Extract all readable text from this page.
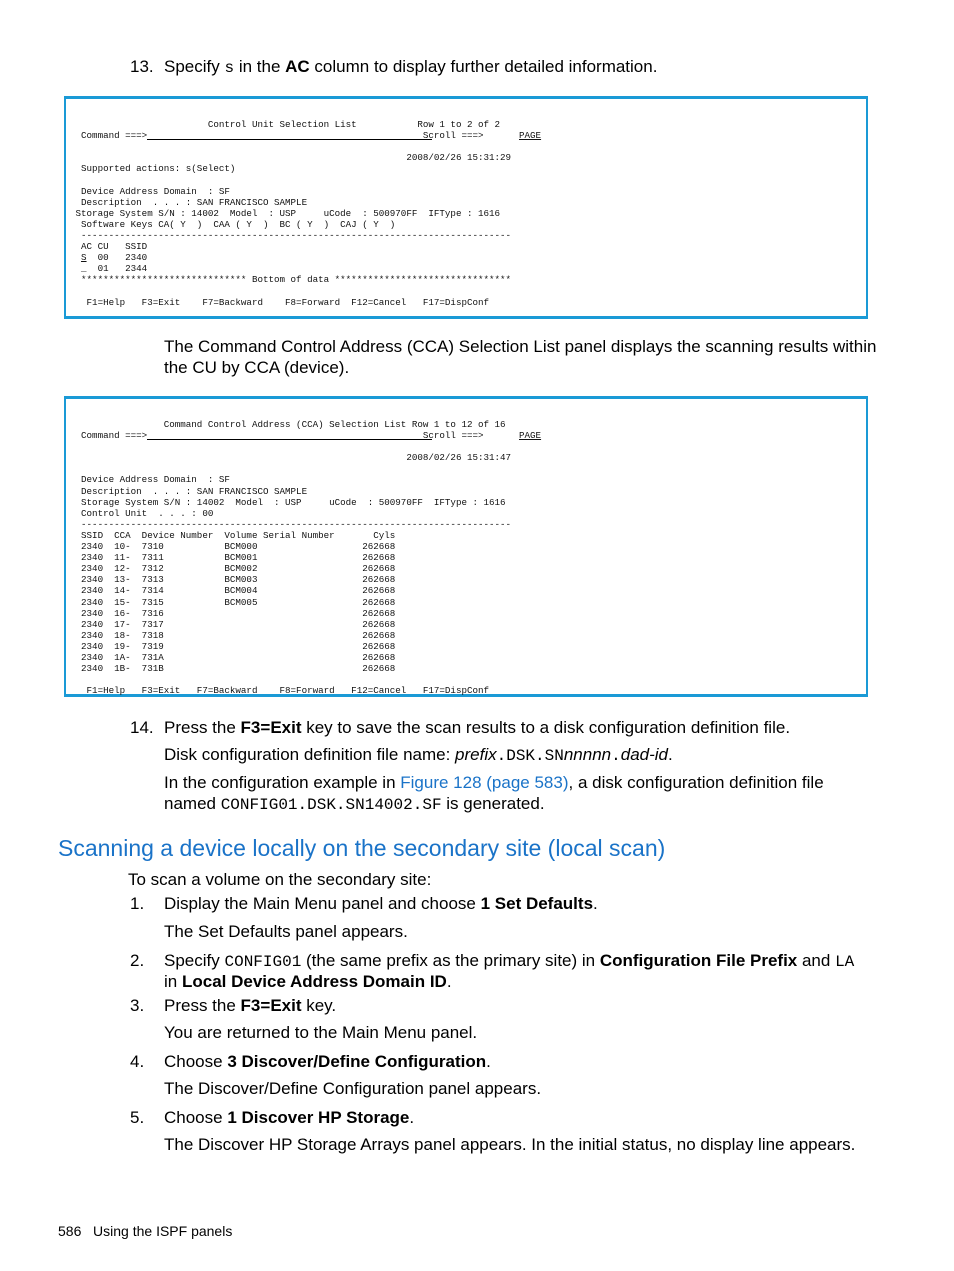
13. Specify s in the AC column to display further detailed information.
Control Unit Selection List           Row 1 to 2 of 2
Command ===>                                                  Scroll ===>

2008/02/26 15:31:29
Supported actions: s(Select)

Device Address Domain  : SF
Description  . . . : SAN FRANCISCO SAMPLE
Storage System S/N : 14002  Model  : USP     uCode  : 500970FF  IFType : 1616
Software Keys CA( Y  )  CAA ( Y  )  BC ( Y  )  CAJ ( Y  )
------------------------------------------------------------------------------
AC CU   SSID

_  01   2344
****************************** Bottom of data ********************************

F1=Help   F3=Exit    F7=Backward    F8=Forward  F12=Cancel   F17=DispConf

PAGE
S  00   2340
The Command Control Address (CCA) Selection List panel displays the scanning results within
the CU by CCA (device).
Command Control Address (CCA) Selection List Row 1 to 12 of 16
Command ===>                                                  Scroll ===>

2008/02/26 15:31:47

Device Address Domain  : SF
Description  . . . : SAN FRANCISCO SAMPLE
Storage System S/N : 14002  Model  : USP     uCode  : 500970FF  IFType : 1616
Control Unit  . . . : 00
------------------------------------------------------------------------------
SSID  CCA  Device Number  Volume Serial Number       Cyls
2340  10-  7310           BCM000                   262668
2340  11-  7311           BCM001                   262668
2340  12-  7312           BCM002                   262668
2340  13-  7313           BCM003                   262668
2340  14-  7314           BCM004                   262668
2340  15-  7315           BCM005                   262668
2340  16-  7316                                    262668
2340  17-  7317                                    262668
2340  18-  7318                                    262668
2340  19-  7319                                    262668
2340  1A-  731A                                    262668
2340  1B-  731B                                    262668

F1=Help   F3=Exit   F7=Backward    F8=Forward   F12=Cancel   F17=DispConf

PAGE
14. Press the F3=Exit key to save the scan results to a disk configuration definition file.
Disk configuration definition file name: prefix.DSK.SNnnnnn.dad-id.
In the configuration example in Figure 128 (page 583), a disk configuration definition file
named CONFIG01.DSK.SN14002.SF is generated.
Scanning a device locally on the secondary site (local scan)
To scan a volume on the secondary site:
1. Display the Main Menu panel and choose 1 Set Defaults.
The Set Defaults panel appears.
2. Specify CONFIG01 (the same prefix as the primary site) in Configuration File Prefix and LA
in Local Device Address Domain ID.
3. Press the F3=Exit key.
You are returned to the Main Menu panel.
4. Choose 3 Discover/Define Configuration.
The Discover/Define Configuration panel appears.
5. Choose 1 Discover HP Storage.
The Discover HP Storage Arrays panel appears. In the initial status, no display line appears.
586 Using the ISPF panels
